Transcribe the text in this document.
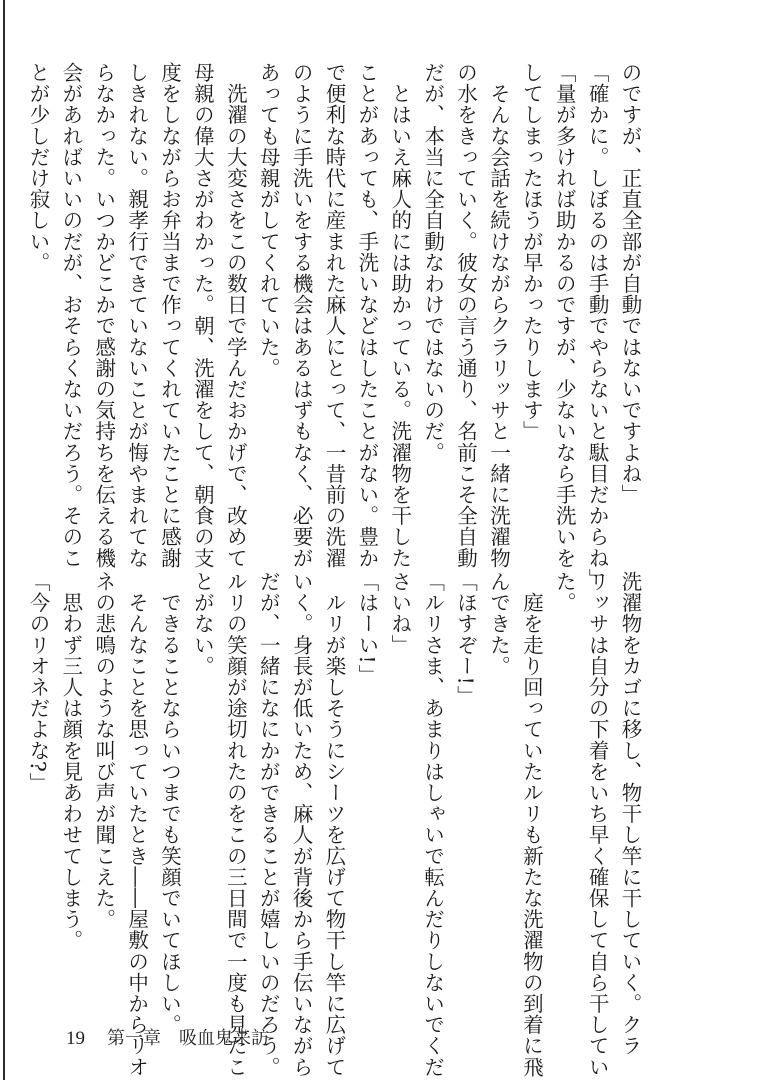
のですが、正直全部が自動ではないですよね」
「確かに。しぼるのは手動でやらないと駄目だからね」
「量が多ければ助かるのですが、少ないなら手洗いを
してしまったほうが早かったりします」
　そんな会話を続けながらクラリッサと一緒に洗濯物
の水をきっていく。彼女の言う通り、名前こそ全自動
だが、本当に全自動なわけではないのだ。
　とはいえ麻人的には助かっている。洗濯物を干した
ことがあっても、手洗いなどはしたことがない。豊か
で便利な時代に産まれた麻人にとって、一昔前の洗濯
のように手洗いをする機会はあるはずもなく、必要が
あっても母親がしてくれていた。
　洗濯の大変さをこの数日で学んだおかげで、改めて
母親の偉大さがわかった。朝、洗濯をして、朝食の支
度をしながらお弁当まで作ってくれていたことに感謝
しきれない。親孝行できていないことが悔やまれてな
らなかった。いつかどこかで感謝の気持ちを伝える機
会があればいいのだが、おそらくないだろう。そのこ
とが少しだけ寂しい。
洗濯物をカゴに移し、物干し竿に干していく。クラ
リッサは自分の下着をいち早く確保して自ら干してい
た。
　庭を走り回っていたルリも新たな洗濯物の到着に飛
んできた。
「ほすぞー!」
「ルリさま、あまりはしゃいで転んだりしないでくだ
さいね」
「はーい!」
　ルリが楽しそうにシーツを広げて物干し竿に広げて
いく。身長が低いため、麻人が背後から手伝いながら
だが、一緒になにかができることが嬉しいのだろう。
ルリの笑顔が途切れたのをこの三日間で一度も見たこ
とがない。
　できることならいつまでも笑顔でいてほしい。
　そんなことを思っていたとき――屋敷の中からリオ
ネの悲鳴のような叫び声が聞こえた。
　思わず三人は顔を見あわせてしまう。
「今のリオネだよな?」
19 第一章　吸血鬼来訪
